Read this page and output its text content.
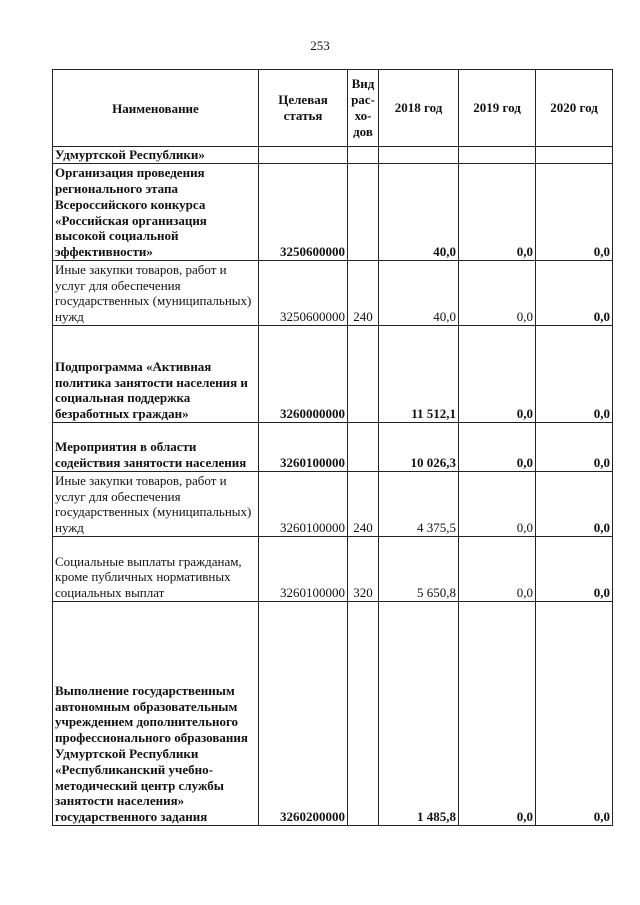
253
Наименование	Целевая статья	Вид рас-хо-дов	2018 год	2019 год	2020 год
Удмуртской Республики»					
Организация проведения регионального этапа Всероссийского конкурса «Российская организация высокой социальной эффективности»	3250600000		40,0	0,0	0,0
Иные закупки товаров, работ и услуг для обеспечения государственных (муниципальных) нужд	3250600000	240	40,0	0,0	0,0
Подпрограмма «Активная политика занятости населения и социальная поддержка безработных граждан»	3260000000		11 512,1	0,0	0,0
Мероприятия в области содействия занятости населения	3260100000		10 026,3	0,0	0,0
Иные закупки товаров, работ и услуг для обеспечения государственных (муниципальных) нужд	3260100000	240	4 375,5	0,0	0,0
Социальные выплаты гражданам, кроме публичных нормативных социальных выплат	3260100000	320	5 650,8	0,0	0,0
Выполнение государственным автономным образовательным учреждением дополнительного профессионального образования Удмуртской Республики «Республиканский учебно-методический центр службы занятости населения» государственного задания	3260200000		1 485,8	0,0	0,0
